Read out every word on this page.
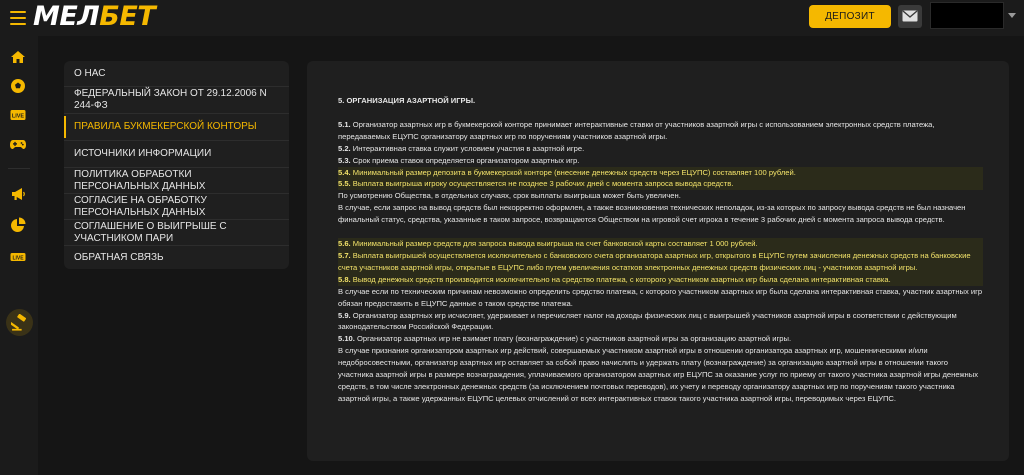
МЕЛБЕТ	ДЕПОЗИТ
LIVE
LIVE
О НАС
ФЕДЕРАЛЬНЫЙ ЗАКОН ОТ 29.12.2006 N 244-ФЗ
ПРАВИЛА БУКМЕКЕРСКОЙ КОНТОРЫ
ИСТОЧНИКИ ИНФОРМАЦИИ
ПОЛИТИКА ОБРАБОТКИ ПЕРСОНАЛЬНЫХ ДАННЫХ
СОГЛАСИЕ НА ОБРАБОТКУ ПЕРСОНАЛЬНЫХ ДАННЫХ
СОГЛАШЕНИЕ О ВЫИГРЫШЕ С УЧАСТНИКОМ ПАРИ
ОБРАТНАЯ СВЯЗЬ

5. ОРГАНИЗАЦИЯ АЗАРТНОЙ ИГРЫ.

5.1. Организатор азартных игр в букмекерской конторе принимает интерактивные ставки от участников азартной игры с использованием электронных средств платежа, передаваемых ЕЦУПС организатору азартных игр по поручениям участников азартной игры.

5.2. Интерактивная ставка служит условием участия в азартной игре.

5.3. Срок приема ставок определяется организатором азартных игр.

5.4. Минимальный размер депозита в букмекерской конторе (внесение денежных средств через ЕЦУПС) составляет 100 рублей.

5.5. Выплата выигрыша игроку осуществляется не позднее 3 рабочих дней с момента запроса вывода средств.

По усмотрению Общества, в отдельных случаях, срок выплаты выигрыша может быть увеличен.

В случае, если запрос на вывод средств был некорректно оформлен, а также возникновения технических неполадок, из-за которых по запросу вывода средств не был назначен финальный статус, средства, указанные в таком запросе, возвращаются Обществом на игровой счет игрока в течение 3 рабочих дней с момента запроса вывода средств.

5.6. Минимальный размер средств для запроса вывода выигрыша на счет банковской карты составляет 1 000 рублей.

5.7. Выплата выигрышей осуществляется исключительно с банковского счета организатора азартных игр, открытого в ЕЦУПС путем зачисления денежных средств на банковские счета участников азартной игры, открытые в ЕЦУПС либо путем увеличения остатков электронных денежных средств физических лиц - участников азартной игры.

5.8. Вывод денежных средств производится исключительно на средство платежа, с которого участником азартных игр была сделана интерактивная ставка.

В случае если по техническим причинам невозможно определить средство платежа, с которого участником азартных игр была сделана интерактивная ставка, участник азартных игр обязан предоставить в ЕЦУПС данные о таком средстве платежа.

5.9. Организатор азартных игр исчисляет, удерживает и перечисляет налог на доходы физических лиц с выигрышей участников азартной игры в соответствии с действующим законодательством Российской Федерации.

5.10. Организатор азартных игр не взимает плату (вознаграждение) с участников азартной игры за организацию азартной игры.

В случае признания организатором азартных игр действий, совершаемых участником азартной игры в отношении организатора азартных игр, мошенническими и/или недобросовестными, организатор азартных игр оставляет за собой право начислить и удержать плату (вознаграждение) за организацию азартной игры в отношении такого участника азартной игры в размере вознаграждения, уплачиваемого организатором азартных игр ЕЦУПС за оказание услуг по приему от такого участника азартной игры денежных средств, в том числе электронных денежных средств (за исключением почтовых переводов), их учету и переводу организатору азартных игр по поручениям такого участника азартной игры, а также удержанных ЕЦУПС целевых отчислений от всех интерактивных ставок такого участника азартной игры, переводимых через ЕЦУПС.
